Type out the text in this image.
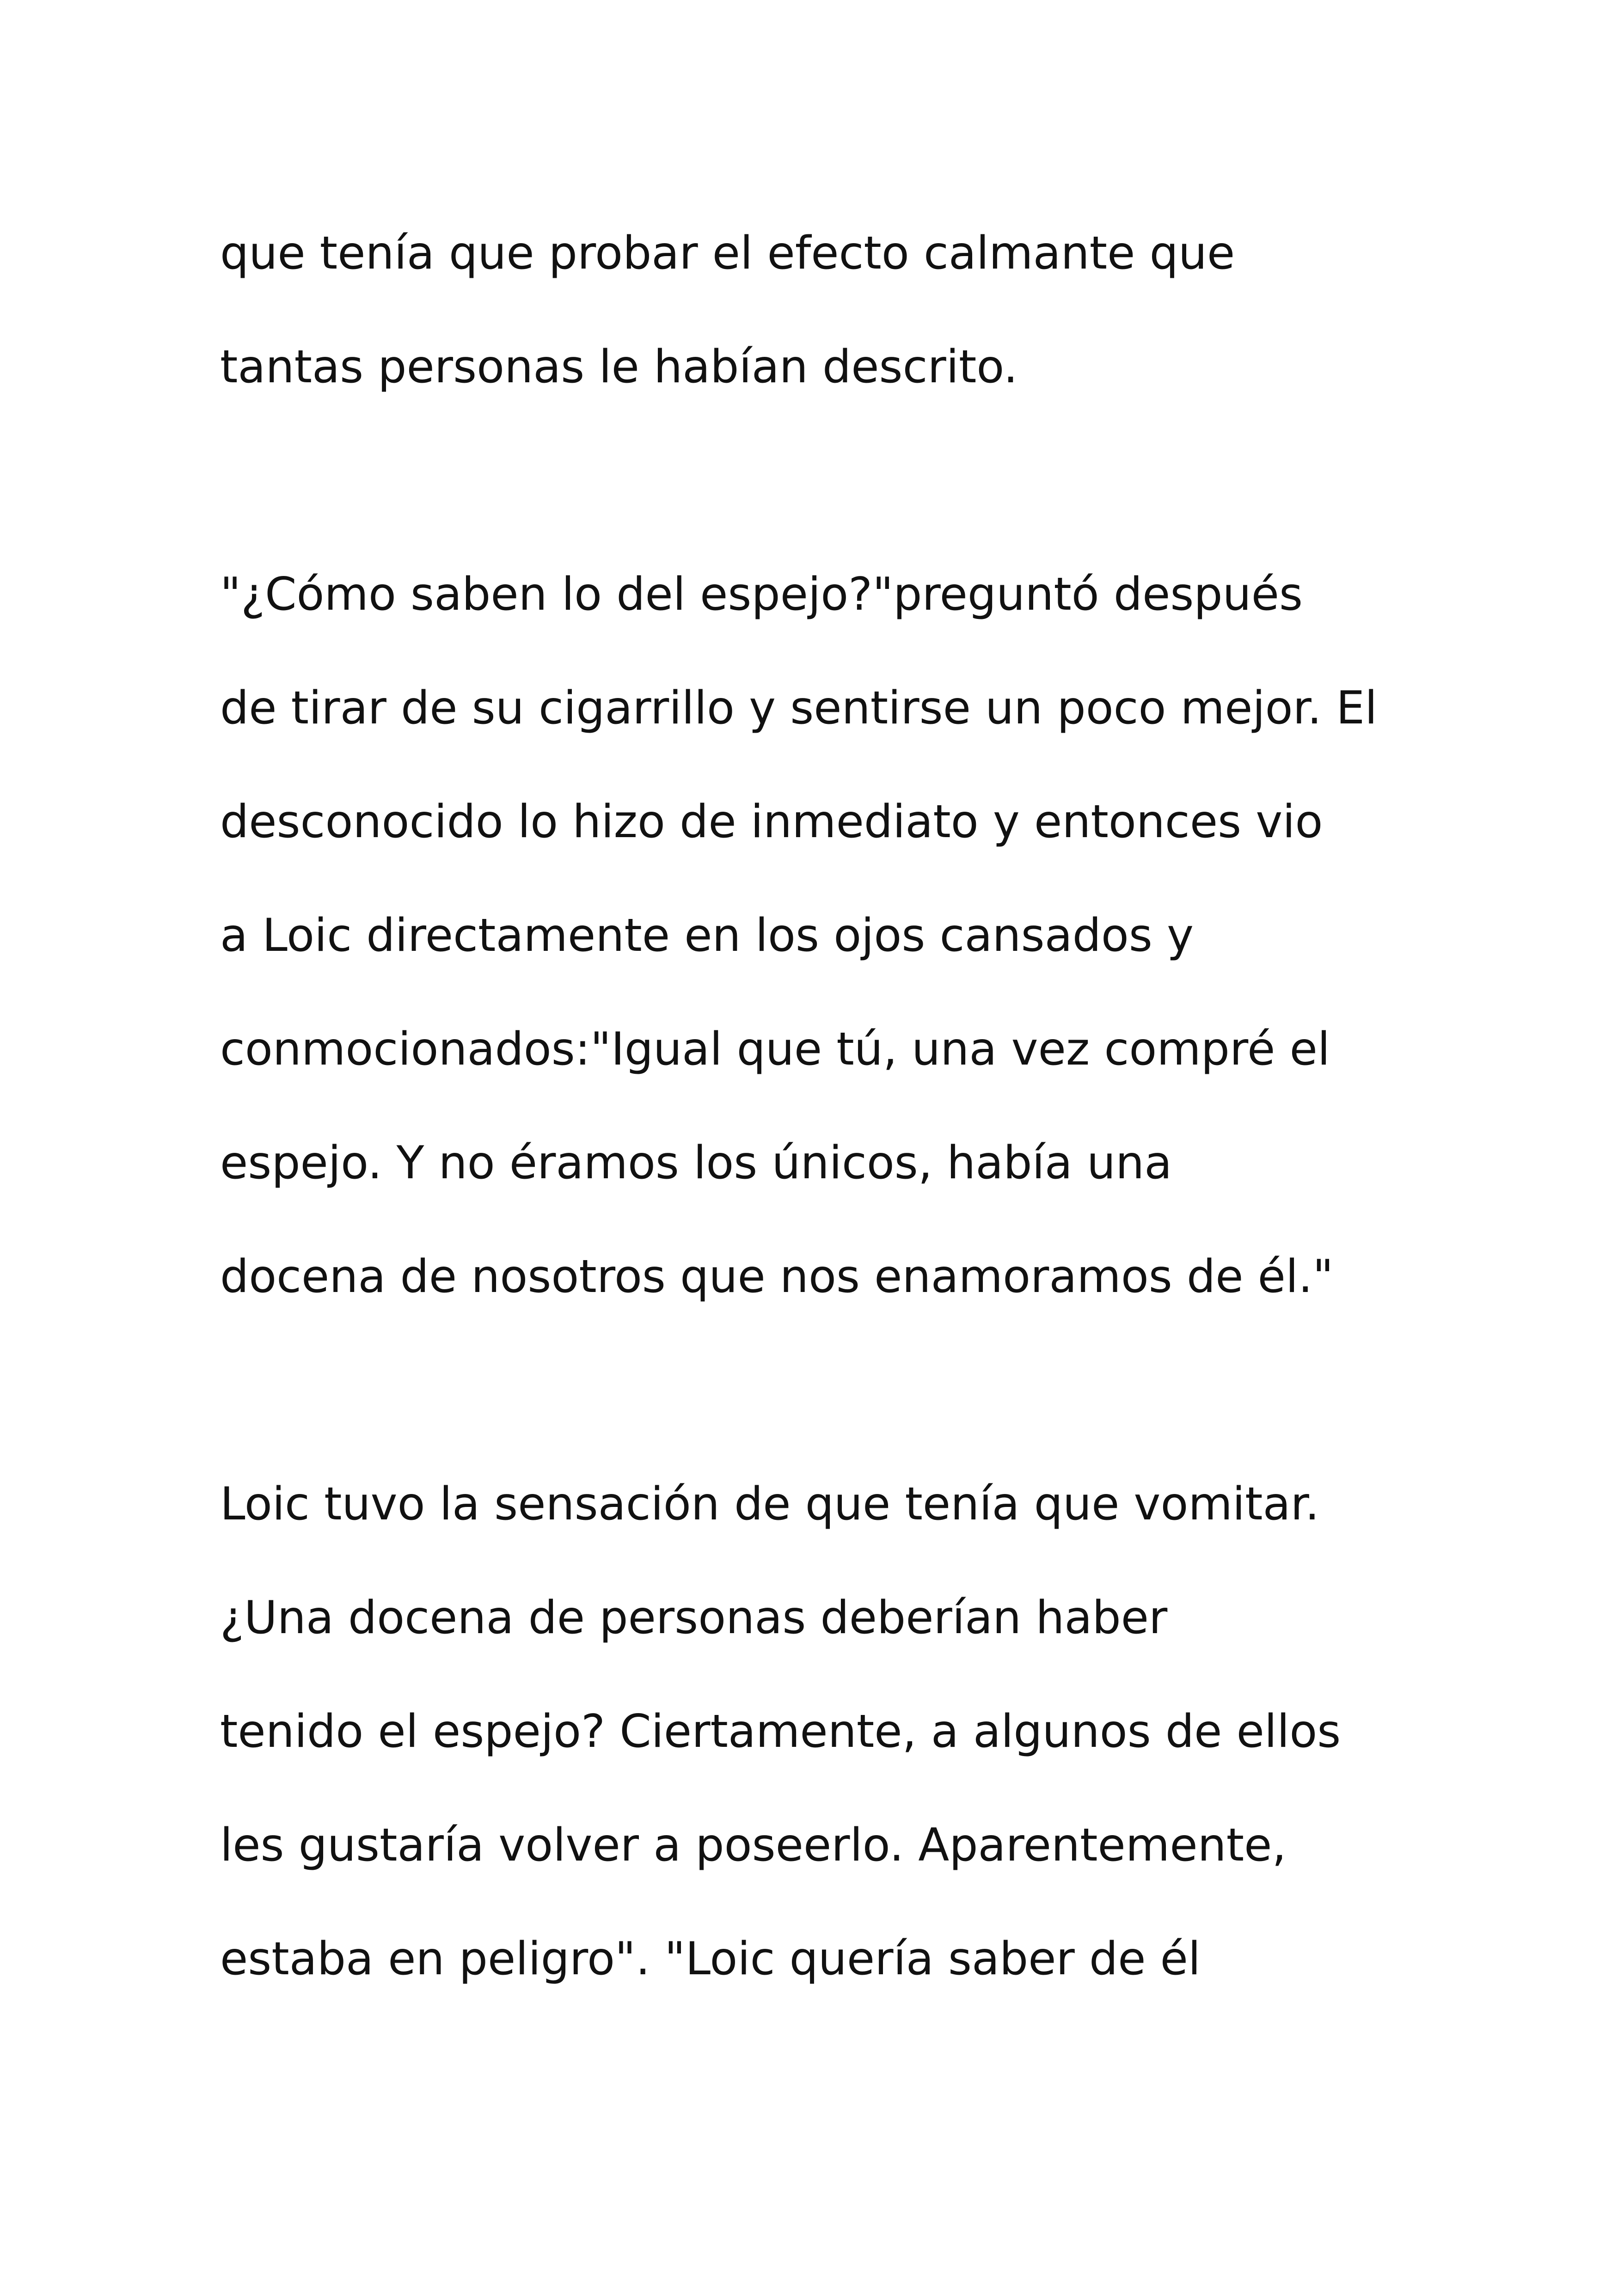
que tenía que probar el efecto calmante que

tantas personas le habían descrito.

"¿Cómo saben lo del espejo?"preguntó después

de tirar de su cigarrillo y sentirse un poco mejor. El

desconocido lo hizo de inmediato y entonces vio

a Loic directamente en los ojos cansados y

conmocionados:"Igual que tú, una vez compré el

espejo. Y no éramos los únicos, había una

docena de nosotros que nos enamoramos de él."

Loic tuvo la sensación de que tenía que vomitar.

¿Una docena de personas deberían haber

tenido el espejo? Ciertamente, a algunos de ellos

les gustaría volver a poseerlo. Aparentemente,

estaba en peligro". "Loic quería saber de él
